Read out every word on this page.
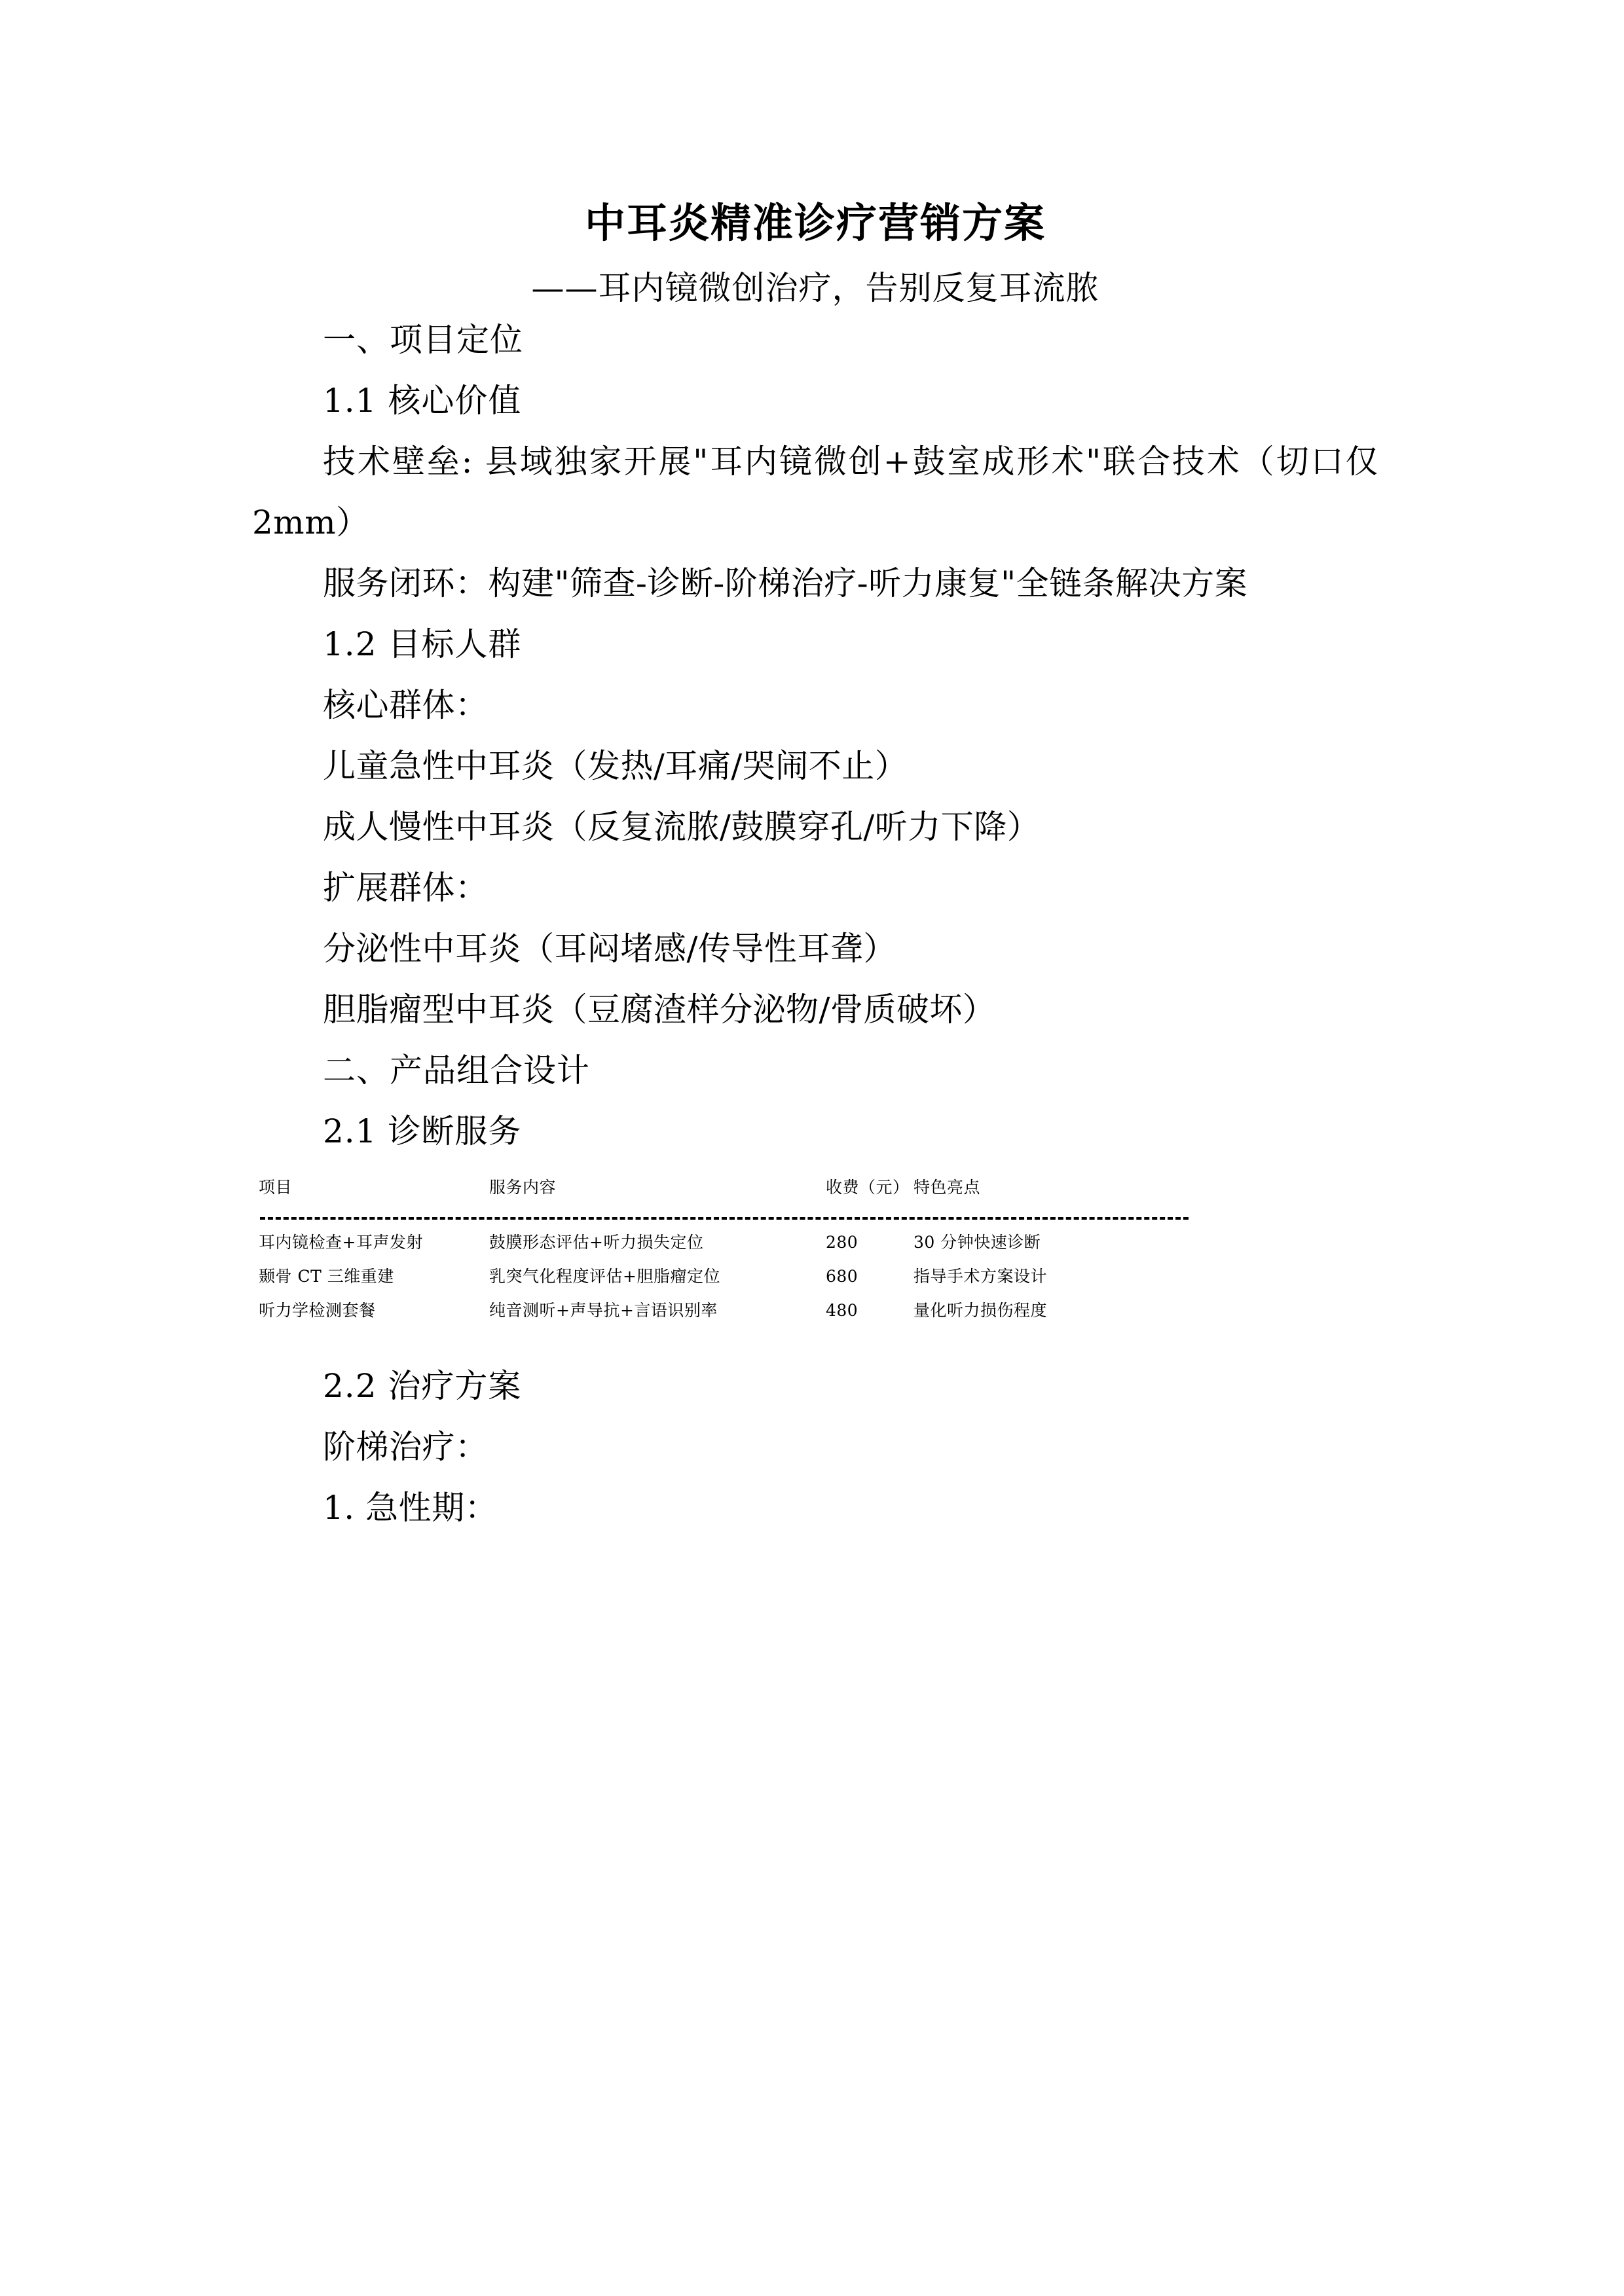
中耳炎精准诊疗营销方案
——耳内镜微创治疗，告别反复耳流脓
一、项目定位
1.1 核心价值

技术壁垒: 县域独家开展"耳内镜微创+鼓室成形术"联合技术（切口仅 2mm）

服务闭环：构建"筛查-诊断-阶梯治疗-听力康复"全链条解决方案

1.2 目标人群
核心群体：
儿童急性中耳炎（发热/耳痛/哭闹不止）
成人慢性中耳炎（反复流脓/鼓膜穿孔/听力下降）
扩展群体：
分泌性中耳炎（耳闷堵感/传导性耳聋）
胆脂瘤型中耳炎（豆腐渣样分泌物/骨质破坏）
二、产品组合设计
2.1 诊断服务
项目	服务内容	收费（元） 特色亮点
耳内镜检查+耳声发射	鼓膜形态评估+听力损失定位	280	30 分钟快速诊断
颞骨 CT 三维重建	乳突气化程度评估+胆脂瘤定位	680	指导手术方案设计
听力学检测套餐	纯音测听+声导抗+言语识别率	480	量化听力损伤程度
2.2 治疗方案
阶梯治疗：
1. 急性期：
